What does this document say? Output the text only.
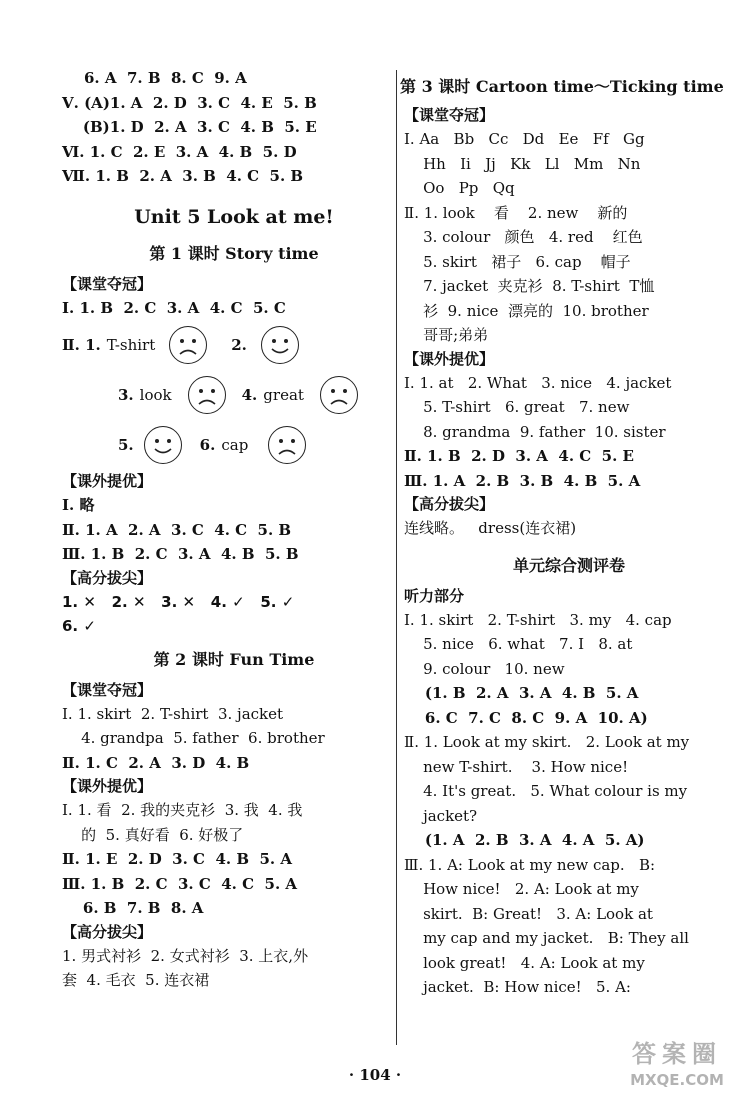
6. A  7. B  8. C  9. A
Ⅴ. (A)1. A  2. D  3. C  4. E  5. B
(B)1. D  2. A  3. C  4. B  5. E
Ⅵ. 1. C  2. E  3. A  4. B  5. D
Ⅶ. 1. B  2. A  3. B  4. C  5. B
Unit 5 Look at me!
第 1 课时 Story time
【课堂夺冠】
Ⅰ. 1. B  2. C  3. A  4. C  5. C
Ⅱ. 1. T-shirt	2.
3. look	4. great
5.	6. cap
【课外提优】
Ⅰ. 略
Ⅱ. 1. A  2. A  3. C  4. C  5. B
Ⅲ. 1. B  2. C  3. A  4. B  5. B
【高分拔尖】
1. ✕   2. ✕   3. ✕   4. ✓   5. ✓
6. ✓
第 2 课时 Fun Time
【课堂夺冠】
Ⅰ. 1. skirt  2. T-shirt  3. jacket
4. grandpa  5. father  6. brother
Ⅱ. 1. C  2. A  3. D  4. B
【课外提优】
Ⅰ. 1. 看  2. 我的夹克衫  3. 我  4. 我
的  5. 真好看  6. 好极了
Ⅱ. 1. E  2. D  3. C  4. B  5. A
Ⅲ. 1. B  2. C  3. C  4. C  5. A
6. B  7. B  8. A
【高分拔尖】
1. 男式衬衫  2. 女式衬衫  3. 上衣,外
套  4. 毛衣  5. 连衣裙
第 3 课时 Cartoon time～Ticking time
【课堂夺冠】
Ⅰ. Aa   Bb   Cc   Dd   Ee   Ff   Gg
Hh   Ii   Jj   Kk   Ll   Mm   Nn
Oo   Pp   Qq
Ⅱ. 1. look    看    2. new    新的
3. colour   颜色   4. red    红色
5. skirt   裙子   6. cap    帽子
7. jacket  夹克衫  8. T-shirt  T恤
衫  9. nice  漂亮的  10. brother
哥哥;弟弟
【课外提优】
Ⅰ. 1. at   2. What   3. nice   4. jacket
5. T-shirt   6. great   7. new
8. grandma  9. father  10. sister
Ⅱ. 1. B  2. D  3. A  4. C  5. E
Ⅲ. 1. A  2. B  3. B  4. B  5. A
【高分拔尖】
连线略。   dress(连衣裙)
单元综合测评卷
听力部分
Ⅰ. 1. skirt   2. T-shirt   3. my   4. cap
5. nice   6. what   7. I   8. at
9. colour   10. new
(1. B  2. A  3. A  4. B  5. A
6. C  7. C  8. C  9. A  10. A)
Ⅱ. 1. Look at my skirt.   2. Look at my
new T-shirt.    3. How nice!
4. It's great.   5. What colour is my
jacket?
(1. A  2. B  3. A  4. A  5. A)
Ⅲ. 1. A: Look at my new cap.   B:
How nice!   2. A: Look at my
skirt.  B: Great!   3. A: Look at
my cap and my jacket.   B: They all
look great!   4. A: Look at my
jacket.  B: How nice!   5. A:
· 104 ·
答案圈
MXQE.COM
